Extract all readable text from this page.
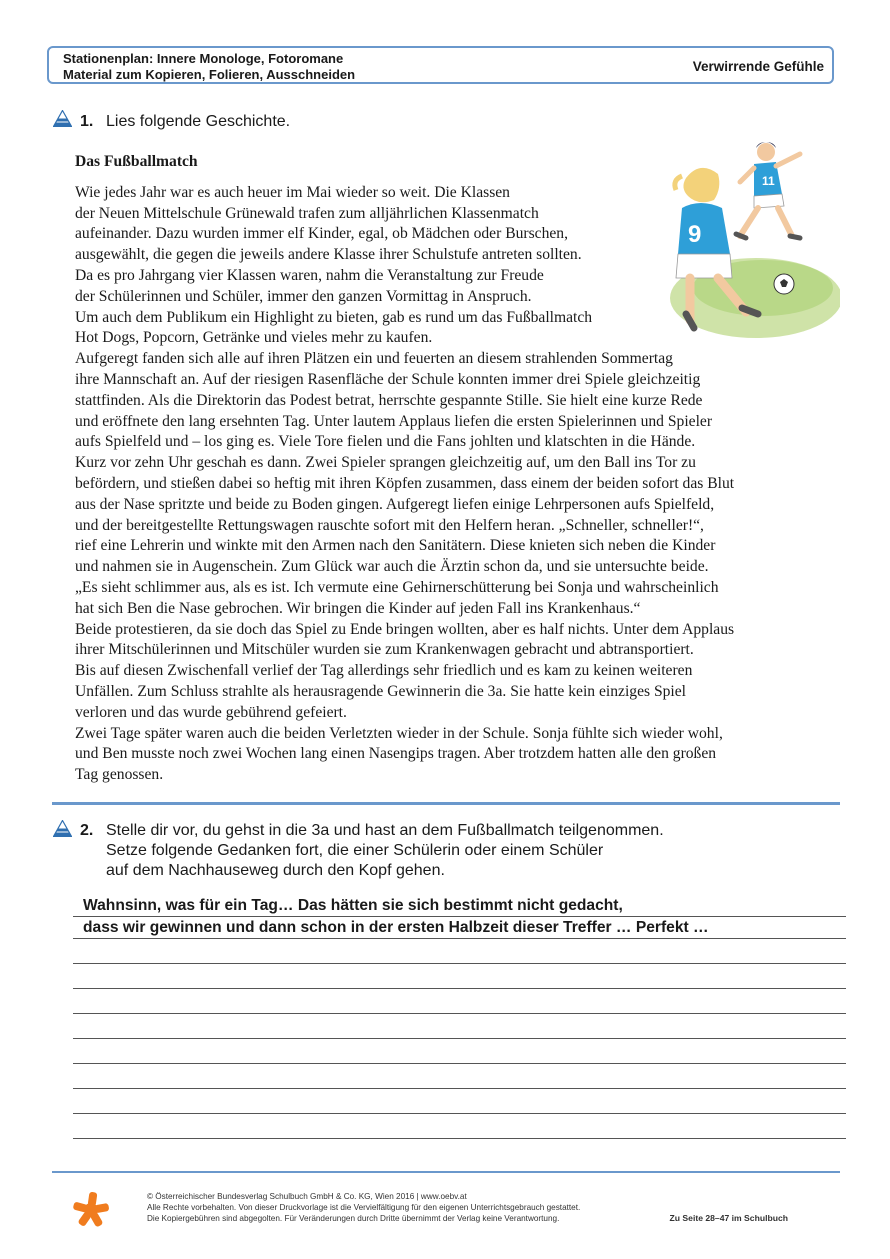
Stationenplan: Innere Monologe, Fotoromane
Material zum Kopieren, Folieren, Ausschneiden
Verwirrende Gefühle
1. Lies folgende Geschichte.
Das Fußballmatch

Wie jedes Jahr war es auch heuer im Mai wieder so weit. Die Klassen

der Neuen Mittelschule Grünewald trafen zum alljährlichen Klassenmatch

aufeinander. Dazu wurden immer elf Kinder, egal, ob Mädchen oder Burschen,

ausgewählt, die gegen die jeweils andere Klasse ihrer Schulstufe antreten sollten.

Da es pro Jahrgang vier Klassen waren, nahm die Veranstaltung zur Freude

der Schülerinnen und Schüler, immer den ganzen Vormittag in Anspruch.

Um auch dem Publikum ein Highlight zu bieten, gab es rund um das Fußballmatch

Hot Dogs, Popcorn, Getränke und vieles mehr zu kaufen.

Aufgeregt fanden sich alle auf ihren Plätzen ein und feuerten an diesem strahlenden Sommertag

ihre Mannschaft an. Auf der riesigen Rasenfläche der Schule konnten immer drei Spiele gleichzeitig

stattfinden. Als die Direktorin das Podest betrat, herrschte gespannte Stille. Sie hielt eine kurze Rede

und eröffnete den lang ersehnten Tag. Unter lautem Applaus liefen die ersten Spielerinnen und Spieler

aufs Spielfeld und – los ging es. Viele Tore fielen und die Fans johlten und klatschten in die Hände.

Kurz vor zehn Uhr geschah es dann. Zwei Spieler sprangen gleichzeitig auf, um den Ball ins Tor zu

befördern, und stießen dabei so heftig mit ihren Köpfen zusammen, dass einem der beiden sofort das Blut

aus der Nase spritzte und beide zu Boden gingen. Aufgeregt liefen einige Lehrpersonen aufs Spielfeld,

und der bereitgestellte Rettungswagen rauschte sofort mit den Helfern heran. „Schneller, schneller!“,

rief eine Lehrerin und winkte mit den Armen nach den Sanitätern. Diese knieten sich neben die Kinder

und nahmen sie in Augenschein. Zum Glück war auch die Ärztin schon da, und sie untersuchte beide.

„Es sieht schlimmer aus, als es ist. Ich vermute eine Gehirnerschütterung bei Sonja und wahrscheinlich

hat sich Ben die Nase gebrochen. Wir bringen die Kinder auf jeden Fall ins Krankenhaus.“

Beide protestieren, da sie doch das Spiel zu Ende bringen wollten, aber es half nichts. Unter dem Applaus

ihrer Mitschülerinnen und Mitschüler wurden sie zum Krankenwagen gebracht und abtransportiert.

Bis auf diesen Zwischenfall verlief der Tag allerdings sehr friedlich und es kam zu keinen weiteren

Unfällen. Zum Schluss strahlte als herausragende Gewinnerin die 3a. Sie hatte kein einziges Spiel

verloren und das wurde gebührend gefeiert.

Zwei Tage später waren auch die beiden Verletzten wieder in der Schule. Sonja fühlte sich wieder wohl,

und Ben musste noch zwei Wochen lang einen Nasengips tragen. Aber trotzdem hatten alle den großen

Tag genossen.

11
9
2. Stelle dir vor, du gehst in die 3a und hast an dem Fußballmatch teilgenommen.
Setze folgende Gedanken fort, die einer Schülerin oder einem Schüler
auf dem Nachhauseweg durch den Kopf gehen.
Wahnsinn, was für ein Tag… Das hätten sie sich bestimmt nicht gedacht,
dass wir gewinnen und dann schon in der ersten Halbzeit dieser Treffer … Perfekt …
© Österreichischer Bundesverlag Schulbuch GmbH & Co. KG, Wien 2016 | www.oebv.at
Alle Rechte vorbehalten. Von dieser Druckvorlage ist die Vervielfältigung für den eigenen Unterrichtsgebrauch gestattet.
Die Kopiergebühren sind abgegolten. Für Veränderungen durch Dritte übernimmt der Verlag keine Verantwortung.	Zu Seite 28–47 im Schulbuch
